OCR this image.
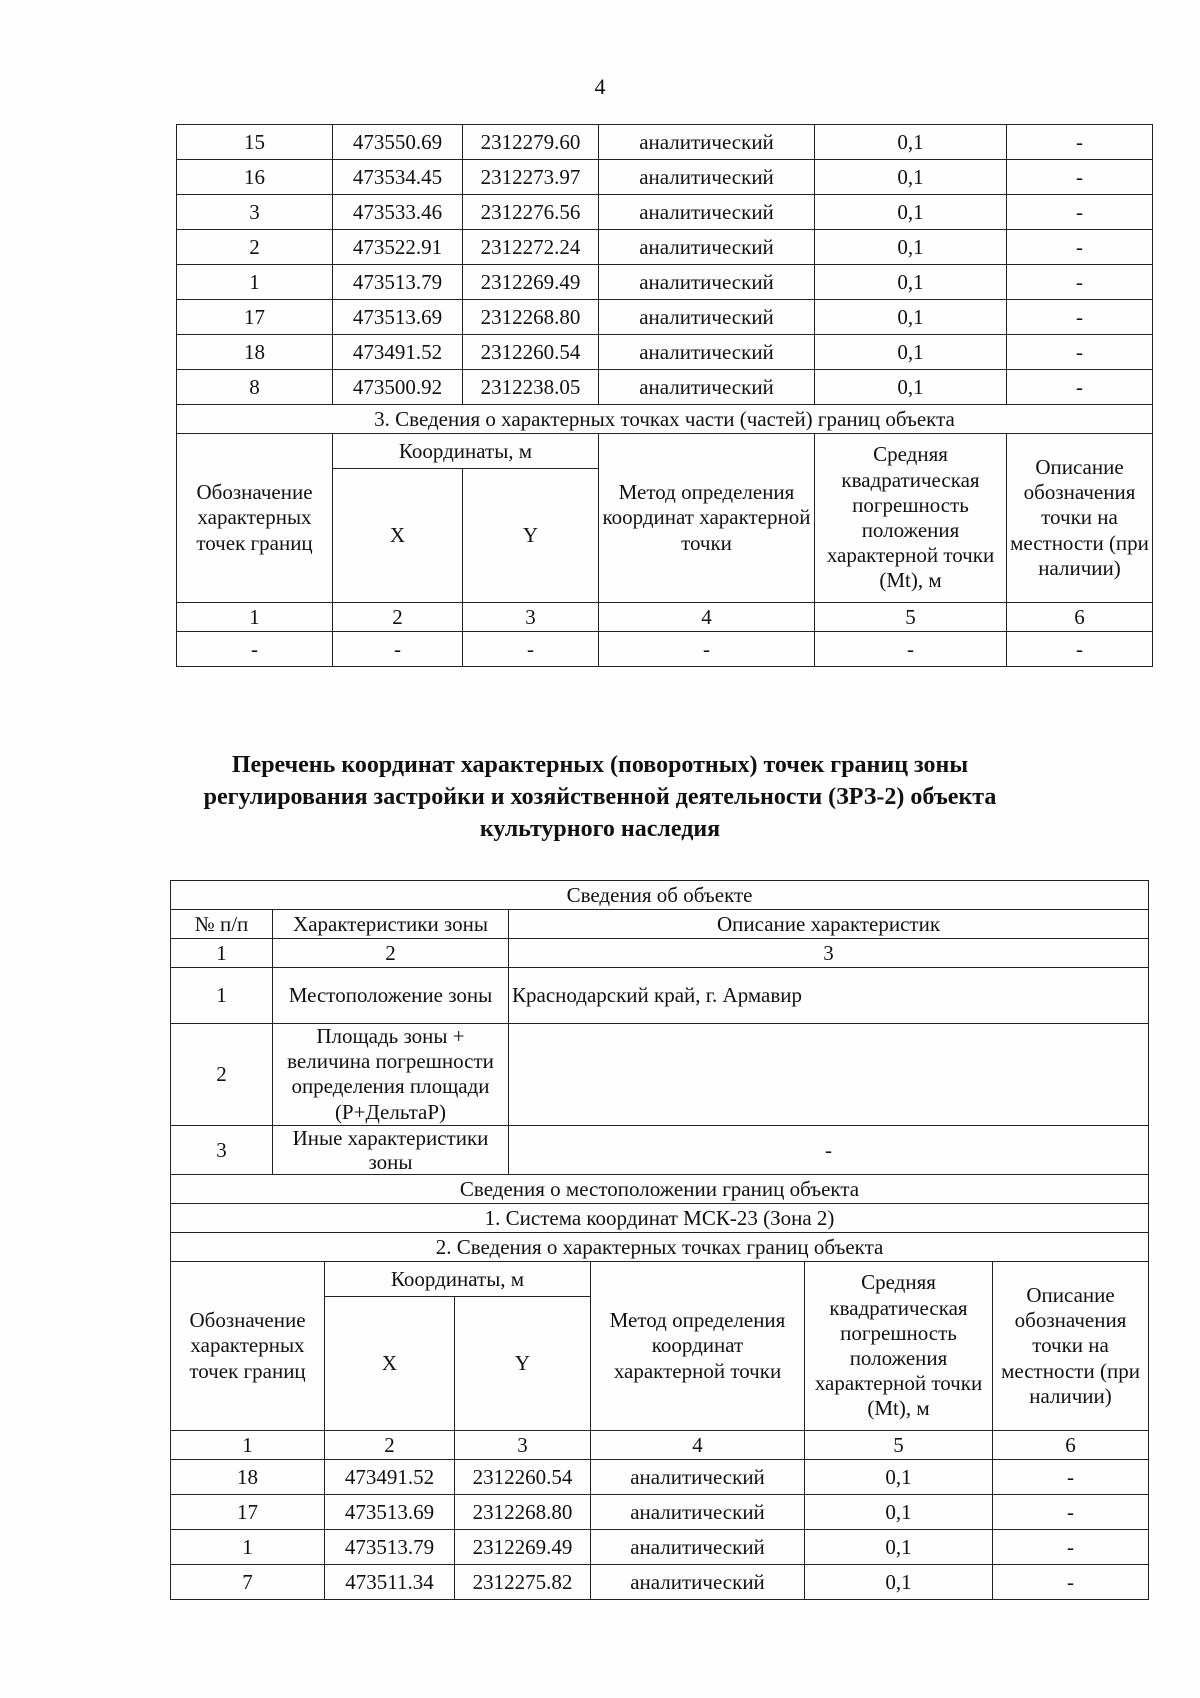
4
15	473550.69	2312279.60	аналитический	0,1	-
16	473534.45	2312273.97	аналитический	0,1	-
3	473533.46	2312276.56	аналитический	0,1	-
2	473522.91	2312272.24	аналитический	0,1	-
1	473513.79	2312269.49	аналитический	0,1	-
17	473513.69	2312268.80	аналитический	0,1	-
18	473491.52	2312260.54	аналитический	0,1	-
8	473500.92	2312238.05	аналитический	0,1	-
3. Сведения о характерных точках части (частей) границ объекта					
Обозначение характерных точек границ	Координаты, м		Метод определения координат характерной точки	Средняя квадратическая погрешность положения характерной точки (Mt), м	Описание обозначения точки на местности (при наличии)
	X	Y			
1	2	3	4	5	6
-	-	-	-	-	-
Перечень координат характерных (поворотных) точек границ зоны регулирования застройки и хозяйственной деятельности (ЗРЗ-2) объекта культурного наследия
Сведения об объекте							
№ п/п	Характеристики зоны			Описание характеристик			
1	2			3			
1	Местоположение зоны			Краснодарский край, г. Армавир			
2	Площадь зоны + величина погрешности определения площади (P+ДельтаP)						
3	Иные характеристики зоны			-			
Сведения о местоположении границ объекта							
1. Система координат МСК-23 (Зона 2)							
2. Сведения о характерных точках границ объекта							
Обозначение характерных точек границ		Координаты, м			Метод определения координат характерной точки	Средняя квадратическая погрешность положения характерной точки (Mt), м	Описание обозначения точки на местности (при наличии)
		X	Y				
1		2	3		4	5	6
18		473491.52	2312260.54		аналитический	0,1	-
17		473513.69	2312268.80		аналитический	0,1	-
1		473513.79	2312269.49		аналитический	0,1	-
7		473511.34	2312275.82		аналитический	0,1	-
